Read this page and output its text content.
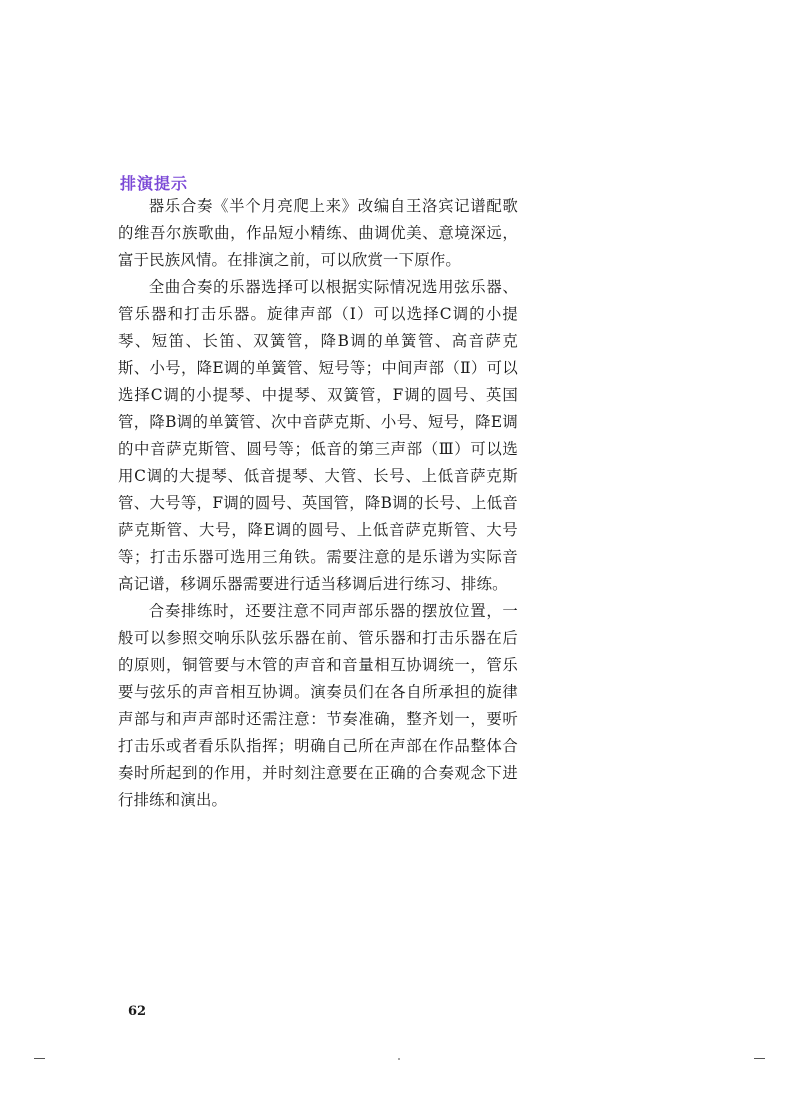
排演提示

器乐合奏《半个月亮爬上来》改编自王洛宾记谱配歌的维吾尔族歌曲，作品短小精练、曲调优美、意境深远，富于民族风情。在排演之前，可以欣赏一下原作。

全曲合奏的乐器选择可以根据实际情况选用弦乐器、管乐器和打击乐器。旋律声部（Ⅰ）可以选择C调的小提琴、短笛、长笛、双簧管，降B调的单簧管、高音萨克斯、小号，降E调的单簧管、短号等；中间声部（Ⅱ）可以选择C调的小提琴、中提琴、双簧管，F调的圆号、英国管，降B调的单簧管、次中音萨克斯、小号、短号，降E调的中音萨克斯管、圆号等；低音的第三声部（Ⅲ）可以选用C调的大提琴、低音提琴、大管、长号、上低音萨克斯管、大号等，F调的圆号、英国管，降B调的长号、上低音萨克斯管、大号，降E调的圆号、上低音萨克斯管、大号等；打击乐器可选用三角铁。需要注意的是乐谱为实际音高记谱，移调乐器需要进行适当移调后进行练习、排练。

合奏排练时，还要注意不同声部乐器的摆放位置，一般可以参照交响乐队弦乐器在前、管乐器和打击乐器在后的原则，铜管要与木管的声音和音量相互协调统一，管乐要与弦乐的声音相互协调。演奏员们在各自所承担的旋律声部与和声声部时还需注意：节奏准确，整齐划一，要听打击乐或者看乐队指挥；明确自己所在声部在作品整体合奏时所起到的作用，并时刻注意要在正确的合奏观念下进行排练和演出。

62
